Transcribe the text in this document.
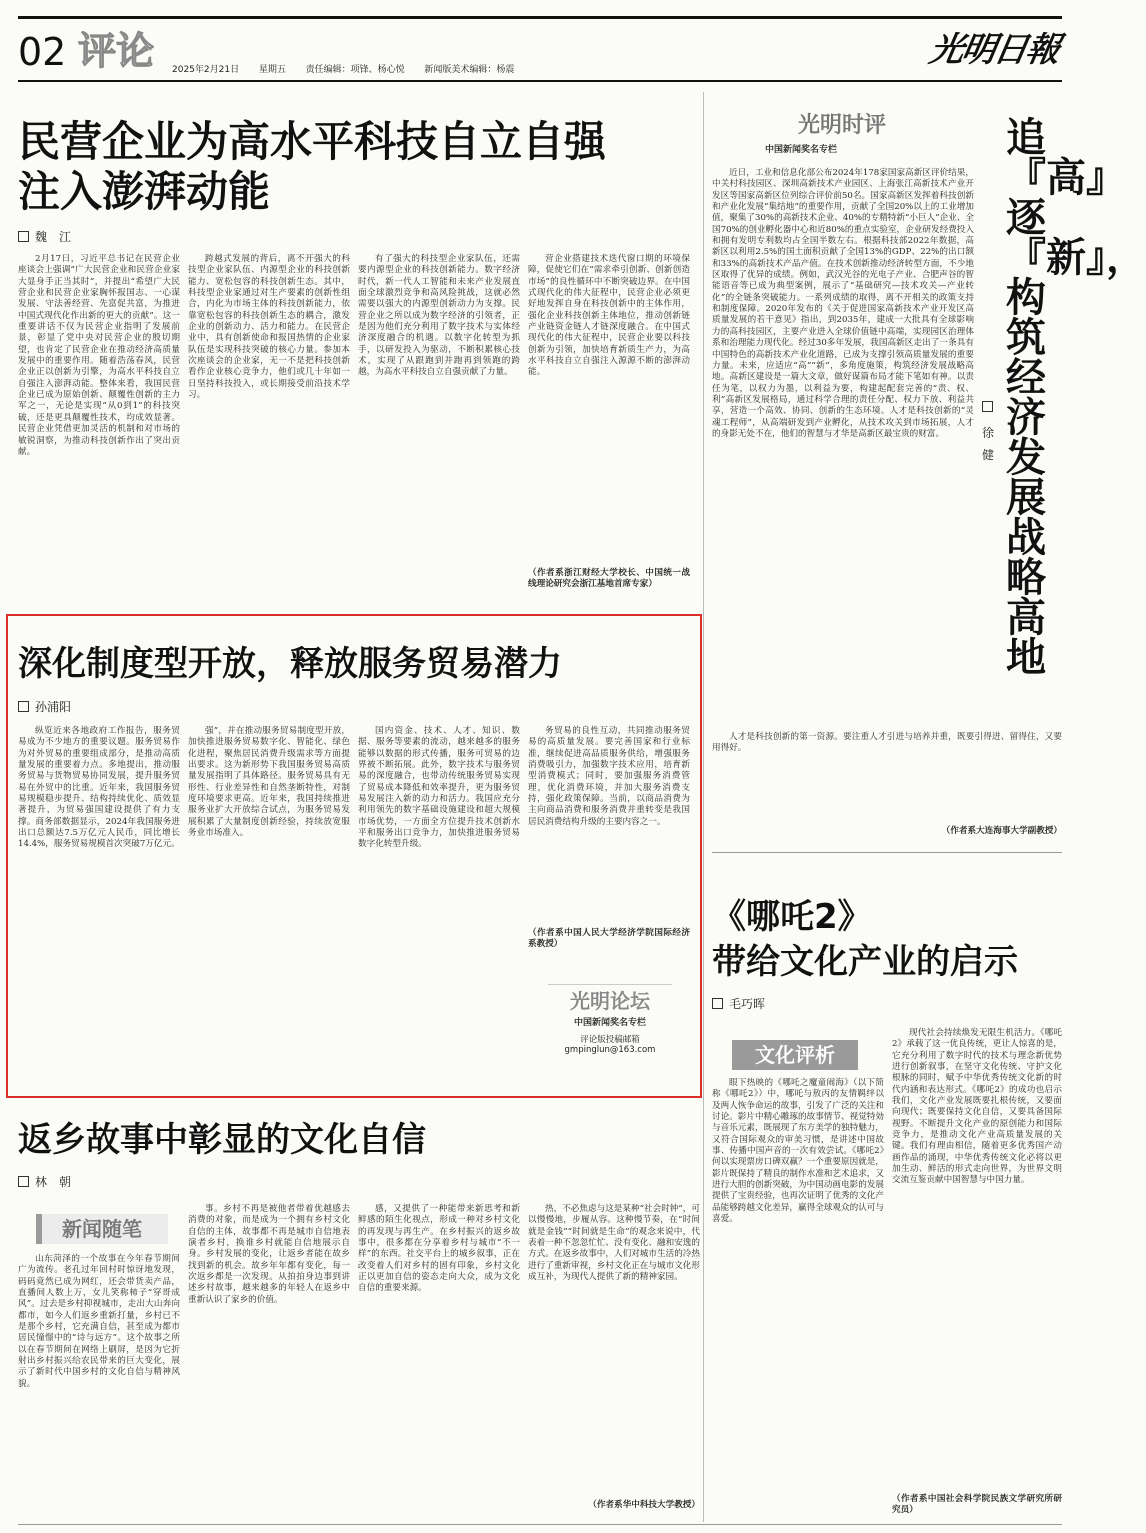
02 评论 2025年2月21日 星期五 责任编辑：项锋、杨心悦 新闻版美术编辑：杨震	光明日報
民营企业为高水平科技自立自强
注入澎湃动能
魏　江
2月17日，习近平总书记在民营企业座谈会上强调“广大民营企业和民营企业家大显身手正当其时”，并提出“希望广大民营企业和民营企业家胸怀报国志、一心谋发展、守法善经营、先富促共富，为推进中国式现代化作出新的更大的贡献”。这一重要讲话不仅为民营企业指明了发展前景，彰显了党中央对民营企业的殷切期望，也肯定了民营企业在推动经济高质量发展中的重要作用。随着浩荡春风，民营企业正以创新为引擎，为高水平科技自立自强注入澎湃动能。整体来看，我国民营企业已成为原始创新、颠覆性创新的主力军之一，无论是实现“从0到1”的科技突破，还是更具颠覆性技术，均成效显著。民营企业凭借更加灵活的机制和对市场的敏锐洞察，为推动科技创新作出了突出贡献。
跨越式发展的背后，离不开强大的科技型企业家队伍、内源型企业的科技创新能力、宽松包容的科技创新生态。其中，科技型企业家通过对生产要素的创新性组合，内化为市场主体的科技创新能力，依靠宽松包容的科技创新生态的耦合，激发企业的创新动力、活力和能力。在民营企业中，具有创新使命和报国热情的企业家队伍是实现科技突破的核心力量。参加本次座谈会的企业家，无一不是把科技创新看作企业核心竞争力，他们或几十年如一日坚持科技投入，或长期接受前沿技术学习。
有了强大的科技型企业家队伍，还需要内源型企业的科技创新能力。数字经济时代，新一代人工智能和未来产业发展直面全球激烈竞争和高风险挑战，这就必然需要以强大的内源型创新动力为支撑。民营企业之所以成为数字经济的引领者，正是因为他们充分利用了数字技术与实体经济深度融合的机遇。以数字化转型为抓手，以研发投入为驱动，不断积累核心技术，实现了从跟跑到并跑再到领跑的跨越，为高水平科技自立自强贡献了力量。
营企业搭建技术迭代窗口期的环境保障，促使它们在“需求牵引创新、创新创造市场”的良性循环中不断突破边界。在中国式现代化的伟大征程中，民营企业必须更好地发挥自身在科技创新中的主体作用，强化企业科技创新主体地位，推动创新链产业链资金链人才链深度融合。在中国式现代化的伟大征程中，民营企业要以科技创新为引领，加快培育新质生产力，为高水平科技自立自强注入源源不断的澎湃动能。
（作者系浙江财经大学校长、中国统一战线理论研究会浙江基地首席专家）
光明时评
中国新闻奖名专栏	追『高』逐『新』，构筑经济发展战略高地
徐　健
近日，工业和信息化部公布2024年178家国家高新区评价结果，中关村科技园区、深圳高新技术产业园区、上海张江高新技术产业开发区等国家高新区位列综合评价前50名。国家高新区发挥着科技创新和产业化发展“集结地”的重要作用，贡献了全国20%以上的工业增加值，聚集了30%的高新技术企业、40%的专精特新“小巨人”企业、全国70%的创业孵化器中心和近80%的重点实验室，企业研发经费投入和拥有发明专利数均占全国半数左右。根据科技部2022年数据，高新区以利用2.5%的国土面积贡献了全国13%的GDP、22%的出口额和33%的高新技术产品产值。在技术创新推动经济转型方面，不少地区取得了优异的成绩。例如，武汉光谷的光电子产业、合肥声谷的智能语音等已成为典型案例，展示了“基础研究—技术攻关—产业转化”的全链条突破能力。一系列成绩的取得，离不开相关的政策支持和制度保障。2020年发布的《关于促进国家高新技术产业开发区高质量发展的若干意见》指出，到2035年，建成一大批具有全球影响力的高科技园区，主要产业进入全球价值链中高端，实现园区治理体系和治理能力现代化。经过30多年发展，我国高新区走出了一条具有中国特色的高新技术产业化道路，已成为支撑引领高质量发展的重要力量。未来，应适应“高”“新”，多角度施策，构筑经济发展战略高地。高新区建设是一篇大文章，做好谋篇布局才能下笔如有神。以责任为笔，以权力为墨，以利益为要，构建起配套完善的“责、权、利”高新区发展格局，通过科学合理的责任分配、权力下放、利益共享，营造一个高效、协同、创新的生态环境。人才是科技创新的“灵魂工程师”，从高端研发到产业孵化，从技术攻关到市场拓展，人才的身影无处不在，他们的智慧与才华是高新区最宝贵的财富。

人才是科技创新的第一资源。要注重人才引进与培养并重，既要引得进、留得住，又要用得好。

（作者系大连海事大学副教授）
《哪吒2》
带给文化产业的启示
毛巧晖
文化评析
眼下热映的《哪吒之魔童闹海》（以下简称《哪吒2》）中，哪吒与敖丙的友情羁绊以及两人恢争命运的故事，引发了广泛的关注和讨论。影片中精心雕琢的故事情节、视觉特効与音乐元素，既展现了东方美学的独特魅力，又符合国际观众的审美习惯，是讲述中国故事、传播中国声音的一次有效尝试。《哪吒2》何以实现票房口碑双赢？一个重要原因就是，影片既保持了精良的制作水准和艺术追求，又进行大胆的创新突破，为中国动画电影的发展提供了宝贵经验，也再次证明了优秀的文化产品能够跨越文化差异，赢得全球观众的认可与喜爱。
现代社会持续焕发无限生机活力。《哪吒2》承载了这一优良传统，更让人惊喜的是，它充分利用了数字时代的技术与理念新优势进行创新叙事，在坚守文化传统、守护文化根脉的同时，赋予中华优秀传统文化新的时代内涵和表达形式。《哪吒2》的成功也启示我们，文化产业发展既要扎根传统，又要面向现代；既要保持文化自信，又要具备国际视野。不断提升文化产业的原创能力和国际竞争力，是推动文化产业高质量发展的关键。我们有理由相信，随着更多优秀国产动画作品的涌现，中华优秀传统文化必将以更加生动、鲜活的形式走向世界，为世界文明交流互鉴贡献中国智慧与中国力量。
（作者系中国社会科学院民族文学研究所研究员）
深化制度型开放，释放服务贸易潜力
孙浦阳
纵览近来各地政府工作报告，服务贸易成为不少地方的重要议题。服务贸易作为对外贸易的重要组成部分，是推动高质量发展的重要着力点。多地提出，推动服务贸易与货物贸易协同发展，提升服务贸易在外贸中的比重。近年来，我国服务贸易规模稳步提升、结构持续优化、质效显著提升，为贸易强国建设提供了有力支撑。商务部数据显示，2024年我国服务进出口总额达7.5万亿元人民币，同比增长14.4%，服务贸易规模首次突破7万亿元。
强”，并在推动服务贸易制度型开放，加快推进服务贸易数字化、智能化、绿色化进程，聚焦居民消费升级需求等方面提出要求。这为新形势下我国服务贸易高质量发展指明了具体路径。服务贸易具有无形性、行业差异性和自然垄断特性，对制度环境要求更高。近年来，我国持续推进服务业扩大开放综合试点，为服务贸易发展积累了大量制度创新经验，持续放宽服务业市场准入。
国内资金、技术、人才、知识、数据、服务等要素的流动，越来越多的服务能够以数据的形式传播，服务可贸易的边界被不断拓展。此外，数字技术与服务贸易的深度融合，也带动传统服务贸易实现了贸易成本降低和效率提升，更为服务贸易发展注入新的动力和活力。我国应充分利用领先的数字基础设施建设和超大规模市场优势，一方面全方位提升技术创新水平和服务出口竞争力，加快推进服务贸易数字化转型升级。
务贸易的良性互动，共同推动服务贸易的高质量发展。要完善国家和行业标准，继续促进高品质服务供给，增强服务消费吸引力，加强数字技术应用，培育新型消费模式；同时，要加强服务消费管理，优化消费环境，并加大服务消费支持，强化政策保障。当前，以商品消费为主向商品消费和服务消费并重转变是我国居民消费结构升级的主要内容之一。
（作者系中国人民大学经济学院国际经济系教授）
光明论坛
中国新闻奖名专栏
评论版投稿邮箱
gmpinglun@163.com
返乡故事中彰显的文化自信
林　朝
新闻随笔
山东菏泽的一个故事在今年春节期间广为流传。老孔过年回村时惊讶地发现，码码竟然已成为网红，还会带货卖产品，直播间人数上万，女儿笑称柿子“穿哥成风”。过去是乡村抑视城市，走出大山奔向都市，如今人们返乡重新打量，乡村已不是那个乡村，它充满自信，甚至成为都市居民憧憬中的“诗与远方”。这个故事之所以在春节期间在网络上刷屏，是因为它折射出乡村振兴给农民带来的巨大变化，展示了新时代中国乡村的文化自信与精神风貌。
事。乡村不再是被他者带着优越感去消费的对象，而是成为一个拥有乡村文化自信的主体，故事都不再是城市自信地表演者乡村，换谁乡村就能自信地展示自身。乡村发展的变化，让返乡者能在故乡找到新的机会。故乡年年都有变化，每一次返乡都是一次发现。从拍拍身边事到讲述乡村故事，越来越多的年轻人在返乡中重新认识了家乡的价值。
感，又提供了一种能带来新思考和新鲜感的陌生化视点，形成一种对乡村文化的再发现与再生产。在乡村振兴的返乡故事中，很多都在分享着乡村与城市“不一样”的东西。社交平台上的城乡叙事，正在改变着人们对乡村的固有印象，乡村文化正以更加自信的姿态走向大众，成为文化自信的重要来源。
热，不必焦虑与这是某种“社会时钟”，可以慢慢地，步履从容。这种慢节奏，在“时间就是金钱”“时间就是生命”的观念来说中，代表着一种不忽忽忙忙、没有变化、融和安逸的方式。在返乡故事中，人们对城市生活的冷热进行了重新审视，乡村文化正在与城市文化形成互补，为现代人提供了新的精神家园。
（作者系华中科技大学教授）
